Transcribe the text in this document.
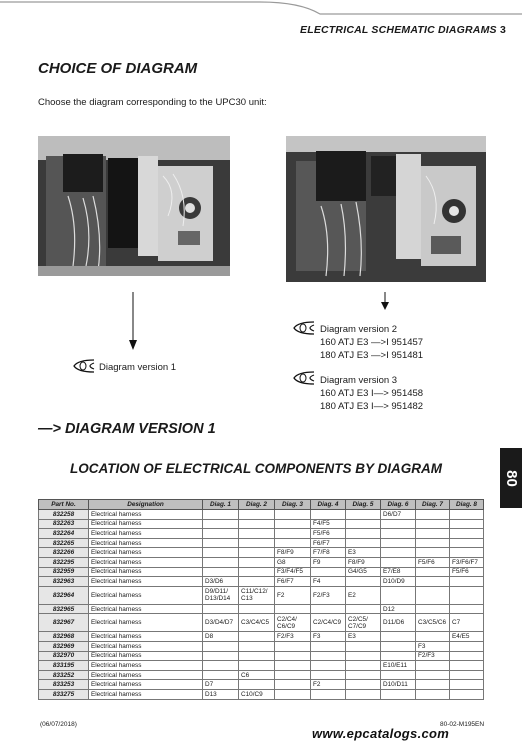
ELECTRICAL SCHEMATIC DIAGRAMS 3
CHOICE OF DIAGRAM
Choose the diagram corresponding to the UPC30 unit:
Diagram version 1
Diagram version 2
160 ATJ E3 —>I 951457
180 ATJ E3 —>I 951481
Diagram version 3
160 ATJ E3 I—> 951458
180 ATJ E3 I—> 951482
—> DIAGRAM VERSION 1
LOCATION OF ELECTRICAL COMPONENTS BY DIAGRAM
80
Part No.	Designation	Diag. 1	Diag. 2	Diag. 3	Diag. 4	Diag. 5	Diag. 6	Diag. 7	Diag. 8
832258	Electrical harness						D6/D7		
832263	Electrical harness				F4/F5				
832264	Electrical harness				F5/F6				
832265	Electrical harness				F6/F7				
832266	Electrical harness			F8/F9	F7/F8	E3			
832295	Electrical harness			G8	F9	F8/F9		F5/F6	F3/F6/F7
832959	Electrical harness			F3/F4/F5		G4/G5	E7/E8		F5/F6
832963	Electrical harness	D3/D6		F6/F7	F4		D10/D9		
832964	Electrical harness	D9/D11/ D13/D14	C11/C12/ C13	F2	F2/F3	E2			
832965	Electrical harness						D12		
832967	Electrical harness	D3/D4/D7	C3/C4/C5	C2/C4/ C6/C9	C2/C4/C9	C2/C5/ C7/C9	D11/D6	C3/C5/C6	C7
832968	Electrical harness	D8		F2/F3	F3	E3			E4/E5
832969	Electrical harness							F3	
832970	Electrical harness							F2/F3	
833195	Electrical harness						E10/E11		
833252	Electrical harness		C6						
833253	Electrical harness	D7			F2		D10/D11		
833275	Electrical harness	D13	C10/C9						
(06/07/2018)	80-02-M195EN
www.epcatalogs.com
